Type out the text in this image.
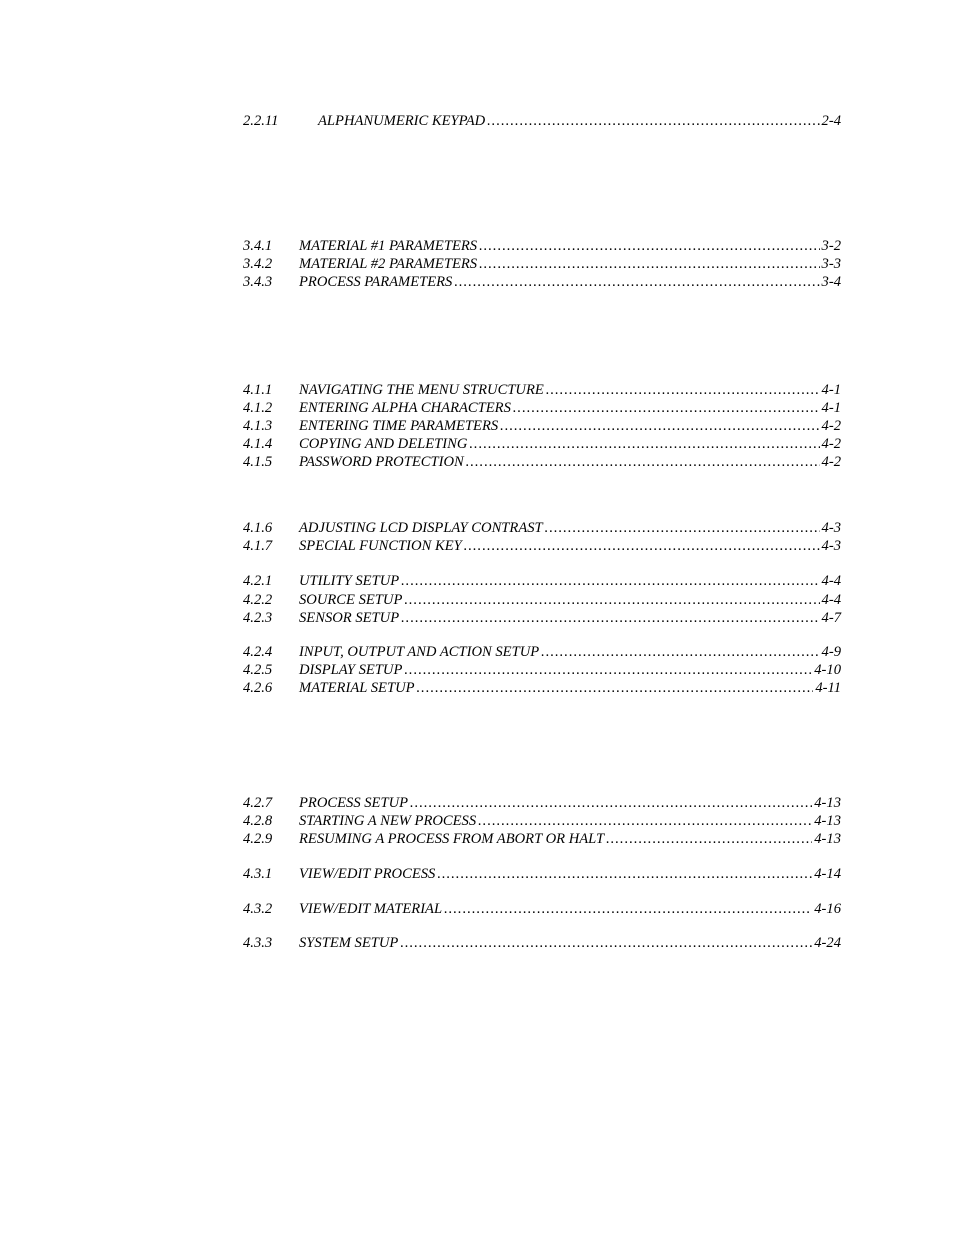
2.2.11	ALPHANUMERIC KEYPAD .....	2-4
3.4.1	MATERIAL #1 PARAMETERS .....	3-2
3.4.2	MATERIAL #2 PARAMETERS .....	3-3
3.4.3	PROCESS PARAMETERS .....	3-4
4.1.1	NAVIGATING THE MENU STRUCTURE .....	4-1
4.1.2	ENTERING ALPHA CHARACTERS .....	4-1
4.1.3	ENTERING TIME PARAMETERS .....	4-2
4.1.4	COPYING AND DELETING .....	4-2
4.1.5	PASSWORD PROTECTION .....	4-2
4.1.6	ADJUSTING LCD DISPLAY CONTRAST .....	4-3
4.1.7	SPECIAL FUNCTION KEY .....	4-3
4.2.1	UTILITY SETUP .....	4-4
4.2.2	SOURCE SETUP .....	4-4
4.2.3	SENSOR SETUP .....	4-7
4.2.4	INPUT, OUTPUT AND ACTION SETUP .....	4-9
4.2.5	DISPLAY SETUP .....	4-10
4.2.6	MATERIAL SETUP .....	4-11
4.2.7	PROCESS SETUP .....	4-13
4.2.8	STARTING A NEW PROCESS .....	4-13
4.2.9	RESUMING A PROCESS FROM ABORT OR HALT .....	4-13
4.3.1	VIEW/EDIT PROCESS .....	4-14
4.3.2	VIEW/EDIT MATERIAL .....	4-16
4.3.3	SYSTEM SETUP .....	4-24
